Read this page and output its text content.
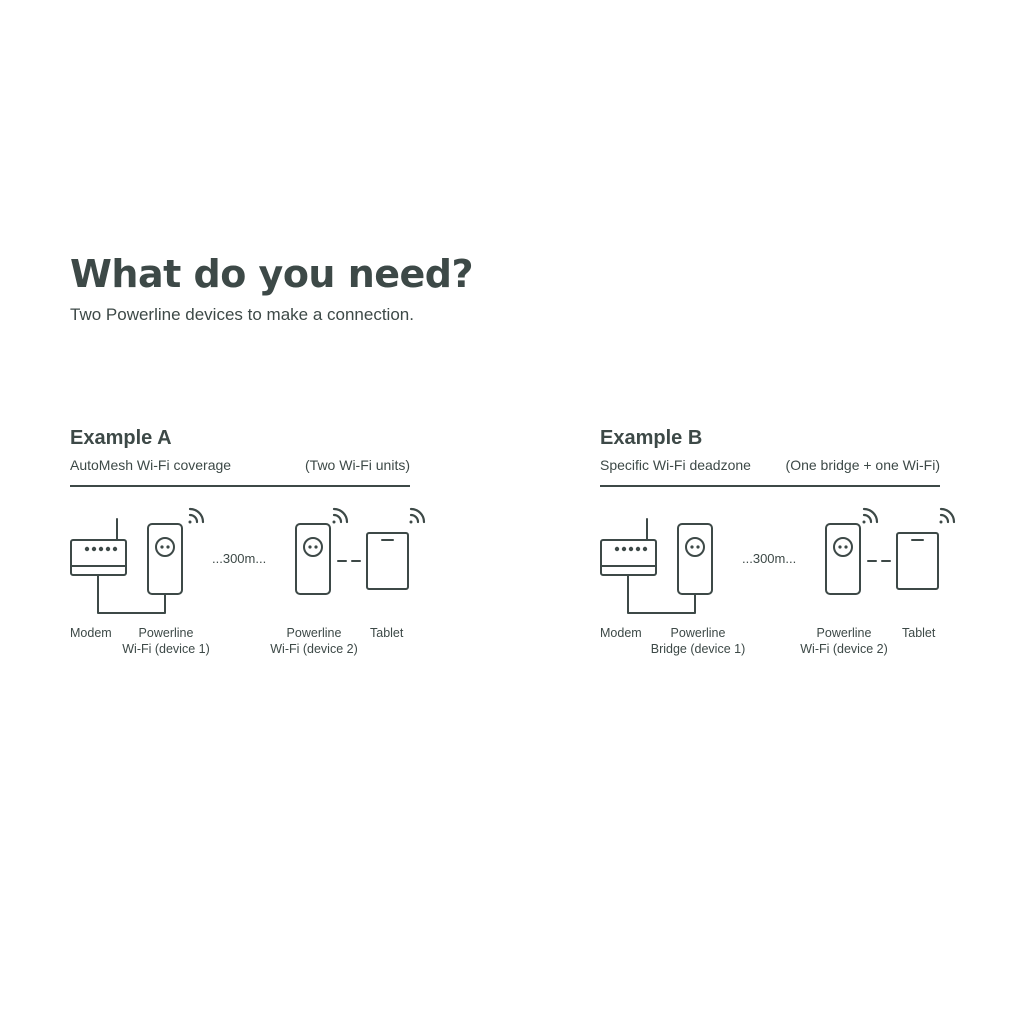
What do you need?

Two Powerline devices to make a connection.

Example A
AutoMesh Wi-Fi coverage	(Two Wi-Fi units)
...300m...
Modem	Powerline
Wi-Fi (device 1)
Powerline
Wi-Fi (device 2)
Tablet
Example B
Specific Wi-Fi deadzone (One bridge + one Wi-Fi)
...300m...
Modem	Powerline
Bridge (device 1)
Powerline
Wi-Fi (device 2)
Tablet
